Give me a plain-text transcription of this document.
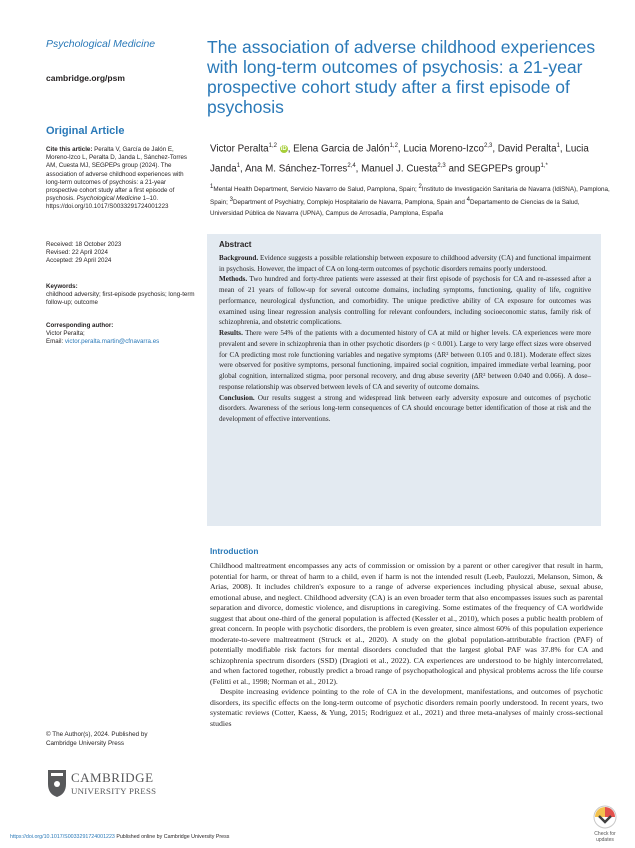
Psychological Medicine
cambridge.org/psm
Original Article

Cite this article: Peralta V, García de Jalón E, Moreno-Izco L, Peralta D, Janda L, Sánchez-Torres AM, Cuesta MJ, SEGPEPs group (2024). The association of adverse childhood experiences with long-term outcomes of psychosis: a 21-year prospective cohort study after a first episode of psychosis. Psychological Medicine 1–10. https://doi.org/10.1017/S0033291724001223

Received: 18 October 2023

Revised: 22 April 2024

Accepted: 29 April 2024

Keywords:

childhood adversity; first-episode psychosis; long-term follow-up; outcome

Corresponding author:

Victor Peralta;

Email: victor.peralta.martin@cfnavarra.es

The association of adverse childhood experiences with long-term outcomes of psychosis: a 21-year prospective cohort study after a first episode of psychosis
Victor Peralta$^{1,2}$ iD, Elena Garcia de Jalón$^{1,2}$, Lucia Moreno-Izco$^{2,3}$, David Peralta$^1$, Lucia Janda$^1$, Ana M. Sánchez-Torres$^{2,4}$, Manuel J. Cuesta$^{2,3}$ and SEGPEPs group$^{1,*}$
$^1$Mental Health Department, Servicio Navarro de Salud, Pamplona, Spain; $^2$Instituto de Investigación Sanitaria de Navarra (IdiSNA), Pamplona, Spain; $^3$Department of Psychiatry, Complejo Hospitalario de Navarra, Pamplona, Spain and $^4$Departamento de Ciencias de la Salud, Universidad Pública de Navarra (UPNA), Campus de Arrosadía, Pamplona, España

Abstract

Background. Evidence suggests a possible relationship between exposure to childhood adversity (CA) and functional impairment in psychosis. However, the impact of CA on long-term outcomes of psychotic disorders remains poorly understood.

Methods. Two hundred and forty-three patients were assessed at their first episode of psychosis for CA and re-assessed after a mean of 21 years of follow-up for several outcome domains, including symptoms, functioning, quality of life, cognitive performance, neurological dysfunction, and comorbidity. The unique predictive ability of CA exposure for outcomes was examined using linear regression analysis controlling for relevant confounders, including socioeconomic status, family risk of schizophrenia, and obstetric complications.

Results. There were 54% of the patients with a documented history of CA at mild or higher levels. CA experiences were more prevalent and severe in schizophrenia than in other psychotic disorders (p < 0.001). Large to very large effect sizes were observed for CA predicting most role functioning variables and negative symptoms (ΔR² between 0.105 and 0.181). Moderate effect sizes were observed for positive symptoms, personal functioning, impaired social cognition, impaired immediate verbal learning, poor global cognition, internalized stigma, poor personal recovery, and drug abuse severity (ΔR² between 0.040 and 0.066). A dose–response relationship was observed between levels of CA and severity of outcome domains.

Conclusion. Our results suggest a strong and widespread link between early adversity exposure and outcomes of psychotic disorders. Awareness of the serious long-term consequences of CA should encourage better identification of those at risk and the development of effective interventions.

Introduction

Childhood maltreatment encompasses any acts of commission or omission by a parent or other caregiver that result in harm, potential for harm, or threat of harm to a child, even if harm is not the intended result (Leeb, Paulozzi, Melanson, Simon, & Arias, 2008). It includes children's exposure to a range of adverse experiences including physical abuse, sexual abuse, emotional abuse, and neglect. Childhood adversity (CA) is an even broader term that also encompasses issues such as parental separation and divorce, domestic violence, and disruptions in caregiving. Some estimates of the frequency of CA worldwide suggest that about one-third of the general population is affected (Kessler et al., 2010), which poses a public health problem of great concern. In people with psychotic disorders, the problem is even greater, since almost 60% of this population experience moderate-to-severe maltreatment (Struck et al., 2020). A study on the global population-attributable fraction (PAF) of potentially modifiable risk factors for mental disorders concluded that the largest global PAF was 37.8% for CA and schizophrenia spectrum disorders (SSD) (Dragioti et al., 2022). CA experiences are understood to be highly intercorrelated, and when factored together, robustly predict a broad range of psychopathological and physical problems across the life course (Felitti et al., 1998; Norman et al., 2012).

Despite increasing evidence pointing to the role of CA in the development, manifestations, and outcomes of psychotic disorders, its specific effects on the long-term outcome of psychotic disorders remain poorly understood. In recent years, two systematic reviews (Cotter, Kaess, & Yung, 2015; Rodriguez et al., 2021) and three meta-analyses of mainly cross-sectional studies

© The Author(s), 2024. Published by
Cambridge University Press
CAMBRIDGE
UNIVERSITY PRESS
https://doi.org/10.1017/S0033291724001223 Published online by Cambridge University Press	Check for
updates
